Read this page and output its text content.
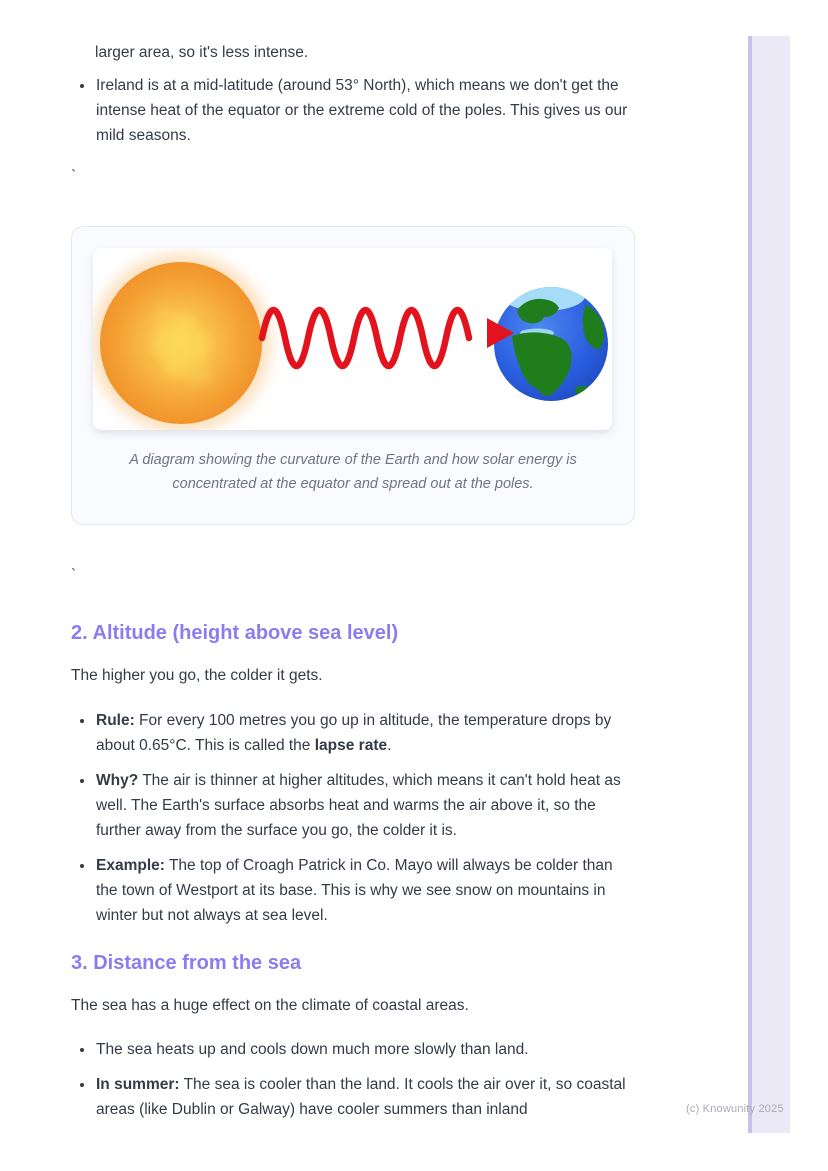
(c) Knowunity 2025

larger area, so it's less intense.

• Ireland is at a mid-latitude (around 53° North), which means we don't get the intense heat of the equator or the extreme cold of the poles. This gives us our mild seasons.
`

A diagram showing the curvature of the Earth and how solar energy is concentrated at the equator and spread out at the poles.

`
2. Altitude (height above sea level)

The higher you go, the colder it gets.

• Rule: For every 100 metres you go up in altitude, the temperature drops by about 0.65°C. This is called the lapse rate.
• Why? The air is thinner at higher altitudes, which means it can't hold heat as well. The Earth's surface absorbs heat and warms the air above it, so the further away from the surface you go, the colder it is.
• Example: The top of Croagh Patrick in Co. Mayo will always be colder than the town of Westport at its base. This is why we see snow on mountains in winter but not always at sea level.
3. Distance from the sea

The sea has a huge effect on the climate of coastal areas.

• The sea heats up and cools down much more slowly than land.
• In summer: The sea is cooler than the land. It cools the air over it, so coastal areas (like Dublin or Galway) have cooler summers than inland
